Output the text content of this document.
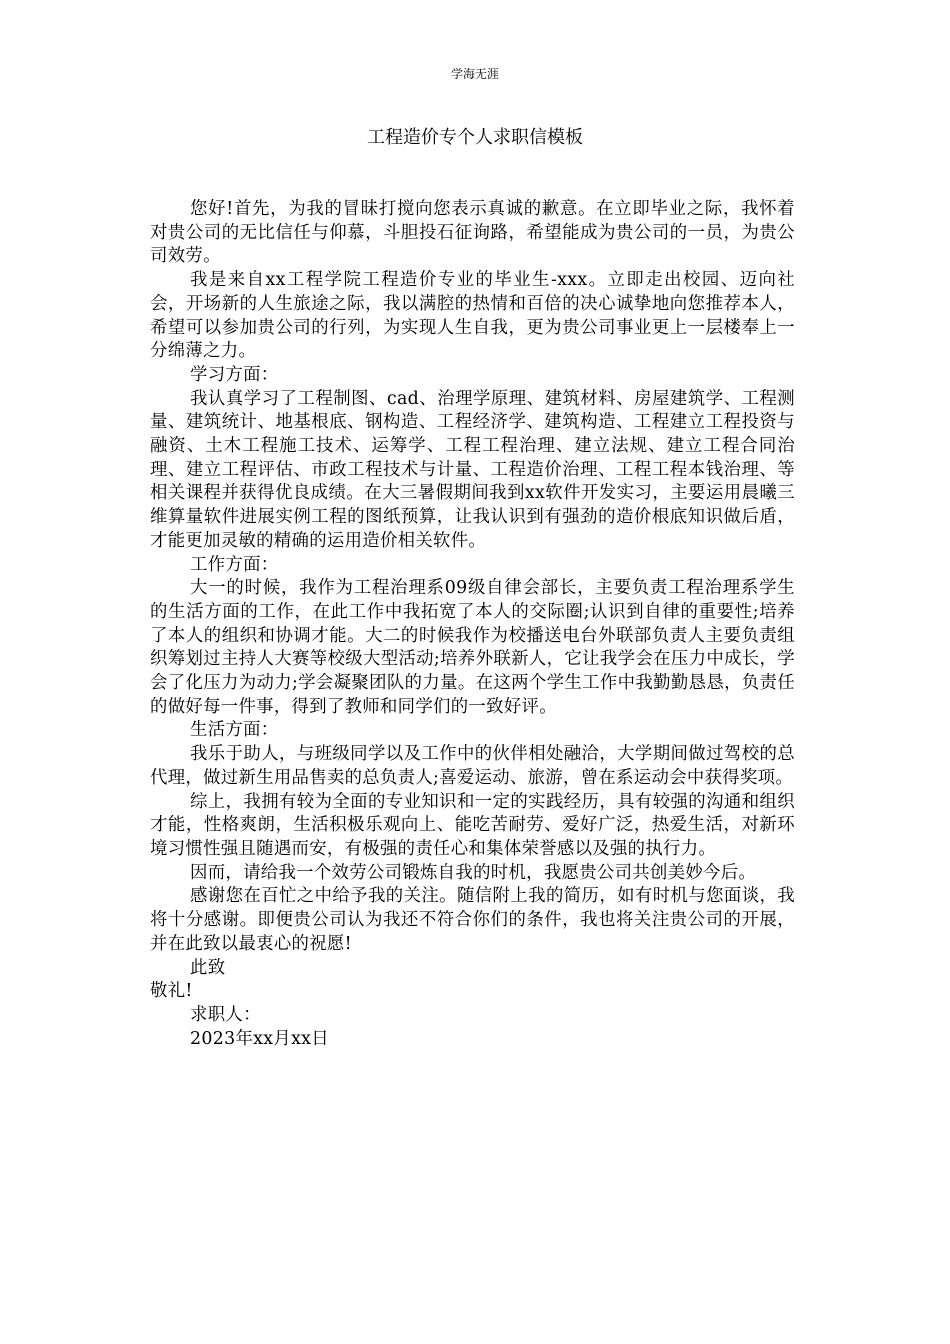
学海无涯
工程造价专个人求职信模板

您好!首先，为我的冒昧打搅向您表示真诚的歉意。在立即毕业之际，我怀着对贵公司的无比信任与仰慕，斗胆投石征询路，希望能成为贵公司的一员，为贵公司效劳。

我是来自xx工程学院工程造价专业的毕业生-xxx。立即走出校园、迈向社会，开场新的人生旅途之际，我以满腔的热情和百倍的决心诚挚地向您推荐本人，希望可以参加贵公司的行列，为实现人生自我，更为贵公司事业更上一层楼奉上一分绵薄之力。

学习方面：

我认真学习了工程制图、cad、治理学原理、建筑材料、房屋建筑学、工程测量、建筑统计、地基根底、钢构造、工程经济学、建筑构造、工程建立工程投资与融资、土木工程施工技术、运筹学、工程工程治理、建立法规、建立工程合同治理、建立工程评估、市政工程技术与计量、工程造价治理、工程工程本钱治理、等相关课程并获得优良成绩。在大三暑假期间我到xx软件开发实习，主要运用晨曦三维算量软件进展实例工程的图纸预算，让我认识到有强劲的造价根底知识做后盾，才能更加灵敏的精确的运用造价相关软件。

工作方面：

大一的时候，我作为工程治理系09级自律会部长，主要负责工程治理系学生的生活方面的工作，在此工作中我拓宽了本人的交际圈;认识到自律的重要性;培养了本人的组织和协调才能。大二的时候我作为校播送电台外联部负责人主要负责组织筹划过主持人大赛等校级大型活动;培养外联新人，它让我学会在压力中成长，学会了化压力为动力;学会凝聚团队的力量。在这两个学生工作中我勤勤恳恳，负责任的做好每一件事，得到了教师和同学们的一致好评。

生活方面：

我乐于助人，与班级同学以及工作中的伙伴相处融洽，大学期间做过驾校的总代理，做过新生用品售卖的总负责人;喜爱运动、旅游，曾在系运动会中获得奖项。

综上，我拥有较为全面的专业知识和一定的实践经历，具有较强的沟通和组织才能，性格爽朗，生活积极乐观向上、能吃苦耐劳、爱好广泛，热爱生活，对新环境习惯性强且随遇而安，有极强的责任心和集体荣誉感以及强的执行力。

因而，请给我一个效劳公司锻炼自我的时机，我愿贵公司共创美妙今后。

感谢您在百忙之中给予我的关注。随信附上我的简历，如有时机与您面谈，我将十分感谢。即便贵公司认为我还不符合你们的条件，我也将关注贵公司的开展，并在此致以最衷心的祝愿!

此致

敬礼!

求职人：

2023年xx月xx日
